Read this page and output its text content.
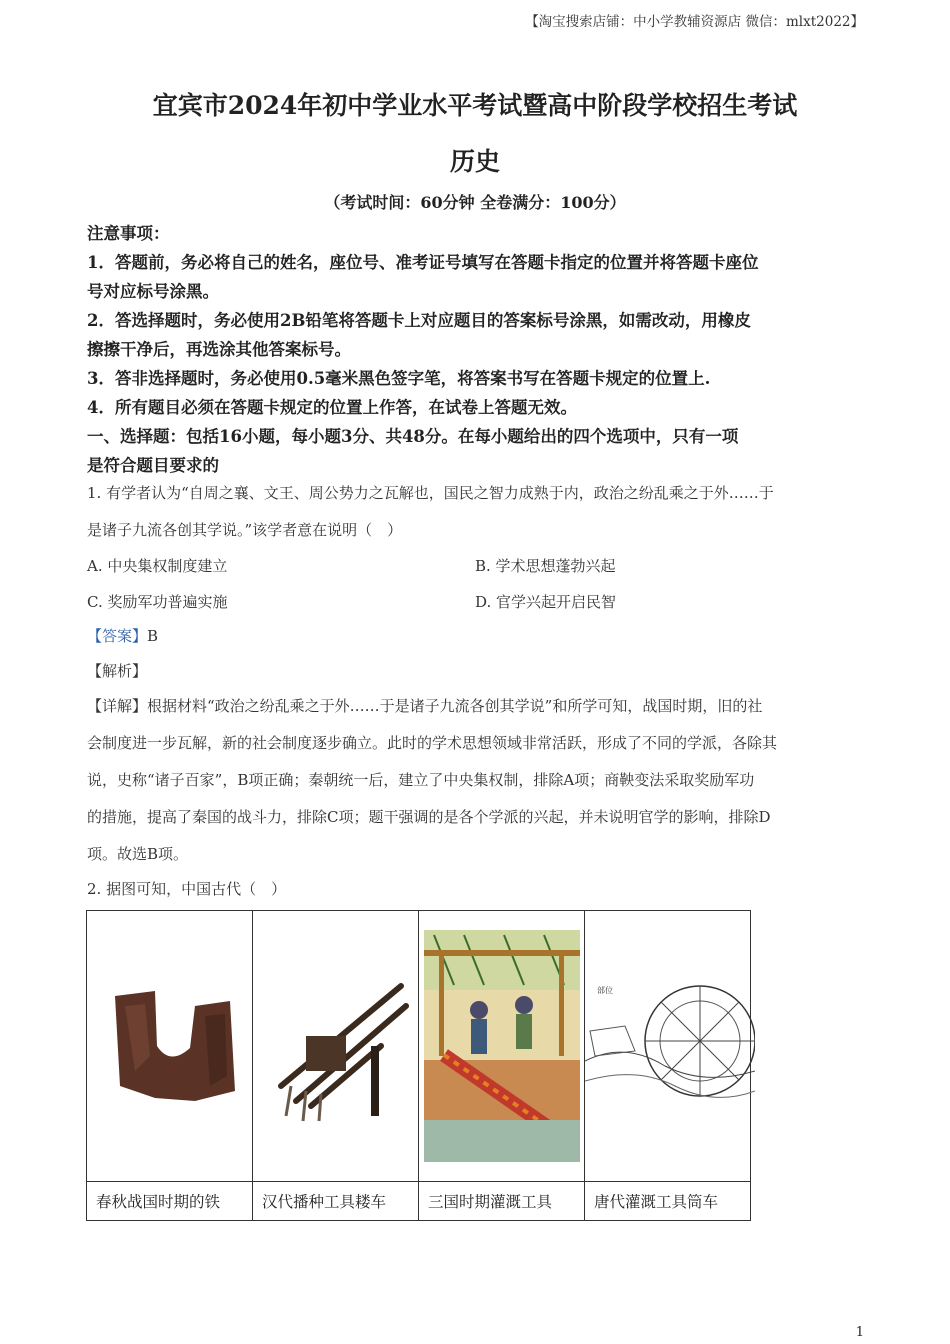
【淘宝搜索店铺：中小学教辅资源店 微信：mlxt2022】
宜宾市2024年初中学业水平考试暨高中阶段学校招生考试
历史
（考试时间：60分钟 全卷满分：100分）
注意事项：
1．答题前，务必将自己的姓名，座位号、准考证号填写在答题卡指定的位置并将答题卡座位
号对应标号涂黑。
2．答选择题时，务必使用2B铅笔将答题卡上对应题目的答案标号涂黑，如需改动，用橡皮
擦擦干净后，再选涂其他答案标号。
3．答非选择题时，务必使用0.5毫米黑色签字笔，将答案书写在答题卡规定的位置上.
4．所有题目必须在答题卡规定的位置上作答，在试卷上答题无效。
一、选择题：包括16小题，每小题3分、共48分。在每小题给出的四个选项中，只有一项
是符合题目要求的
1. 有学者认为“自周之襄、文王、周公势力之瓦解也，国民之智力成熟于内，政治之纷乱乘之于外……于
是诸子九流各创其学说。”该学者意在说明（　）
A. 中央集权制度建立	B. 学术思想蓬勃兴起
C. 奖励军功普遍实施	D. 官学兴起开启民智
【答案】B
【解析】
【详解】根据材料“政治之纷乱乘之于外……于是诸子九流各创其学说”和所学可知，战国时期，旧的社
会制度进一步瓦解，新的社会制度逐步确立。此时的学术思想领域非常活跃，形成了不同的学派，各除其
说，史称“诸子百家”，B项正确；秦朝统一后，建立了中央集权制，排除A项；商鞅变法采取奖励军功
的措施，提高了秦国的战斗力，排除C项；题干强调的是各个学派的兴起，并未说明官学的影响，排除D
项。故选B项。
2. 据图可知，中国古代（　）

部位

春秋战国时期的铁	汉代播种工具耧车	三国时期灌溉工具	唐代灌溉工具筒车
1
